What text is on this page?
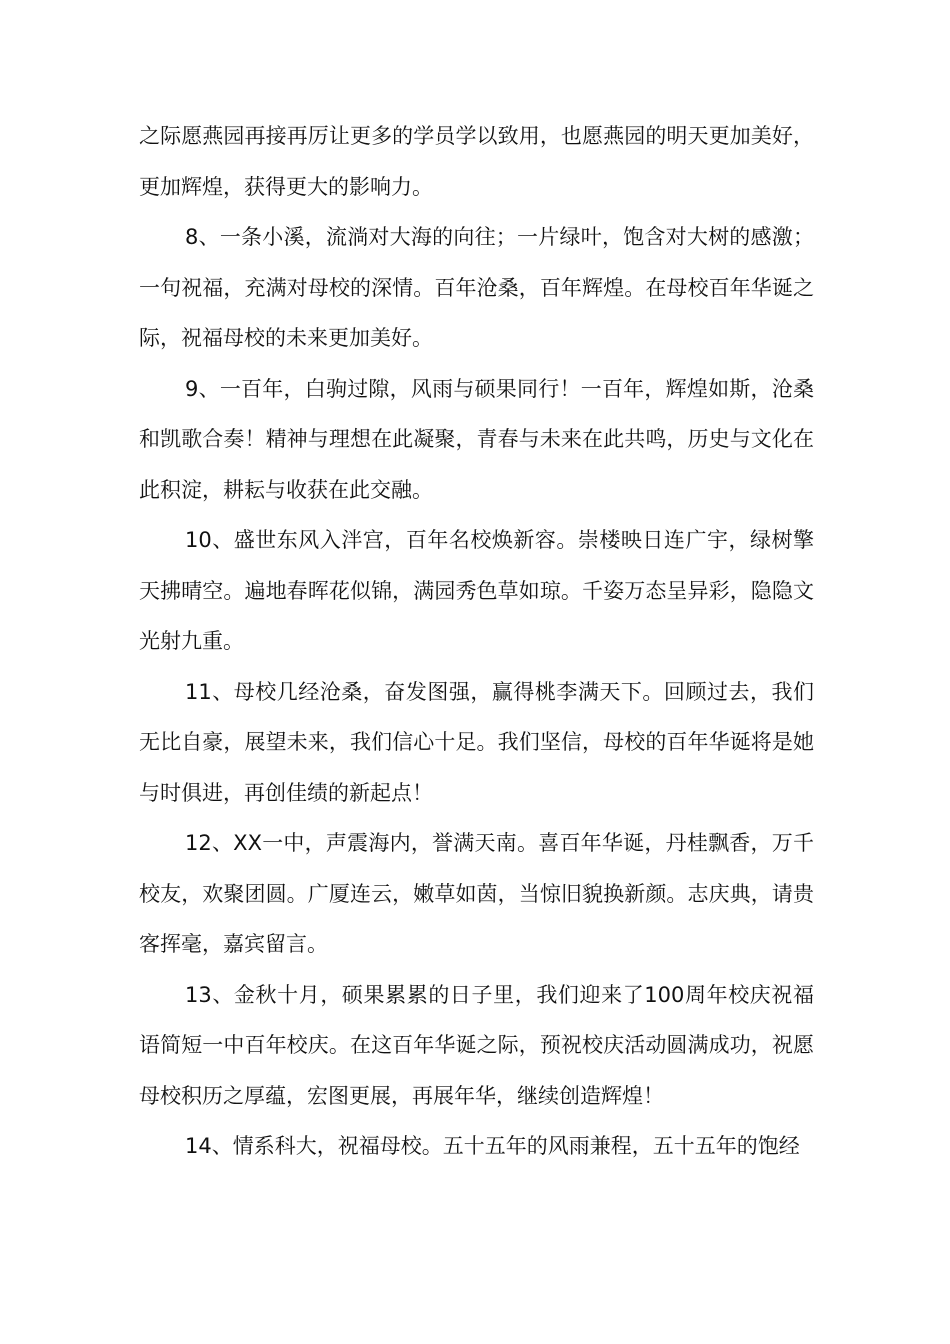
之际愿燕园再接再厉让更多的学员学以致用，也愿燕园的明天更加美好，更加辉煌，获得更大的影响力。

8、一条小溪，流淌对大海的向往；一片绿叶，饱含对大树的感激；一句祝福，充满对母校的深情。百年沧桑，百年辉煌。在母校百年华诞之际，祝福母校的未来更加美好。

9、一百年，白驹过隙，风雨与硕果同行！一百年，辉煌如斯，沧桑和凯歌合奏！精神与理想在此凝聚，青春与未来在此共鸣，历史与文化在此积淀，耕耘与收获在此交融。

10、盛世东风入泮宫，百年名校焕新容。崇楼映日连广宇，绿树擎天拂晴空。遍地春晖花似锦，满园秀色草如琼。千姿万态呈异彩，隐隐文光射九重。

11、母校几经沧桑，奋发图强，赢得桃李满天下。回顾过去，我们无比自豪，展望未来，我们信心十足。我们坚信，母校的百年华诞将是她与时俱进，再创佳绩的新起点！

12、XX一中，声震海内，誉满天南。喜百年华诞，丹桂飘香，万千校友，欢聚团圆。广厦连云，嫩草如茵，当惊旧貌换新颜。志庆典，请贵客挥毫，嘉宾留言。

13、金秋十月，硕果累累的日子里，我们迎来了100周年校庆祝福语简短一中百年校庆。在这百年华诞之际，预祝校庆活动圆满成功，祝愿母校积历之厚蕴，宏图更展，再展年华，继续创造辉煌！

14、情系科大，祝福母校。五十五年的风雨兼程，五十五年的饱经
